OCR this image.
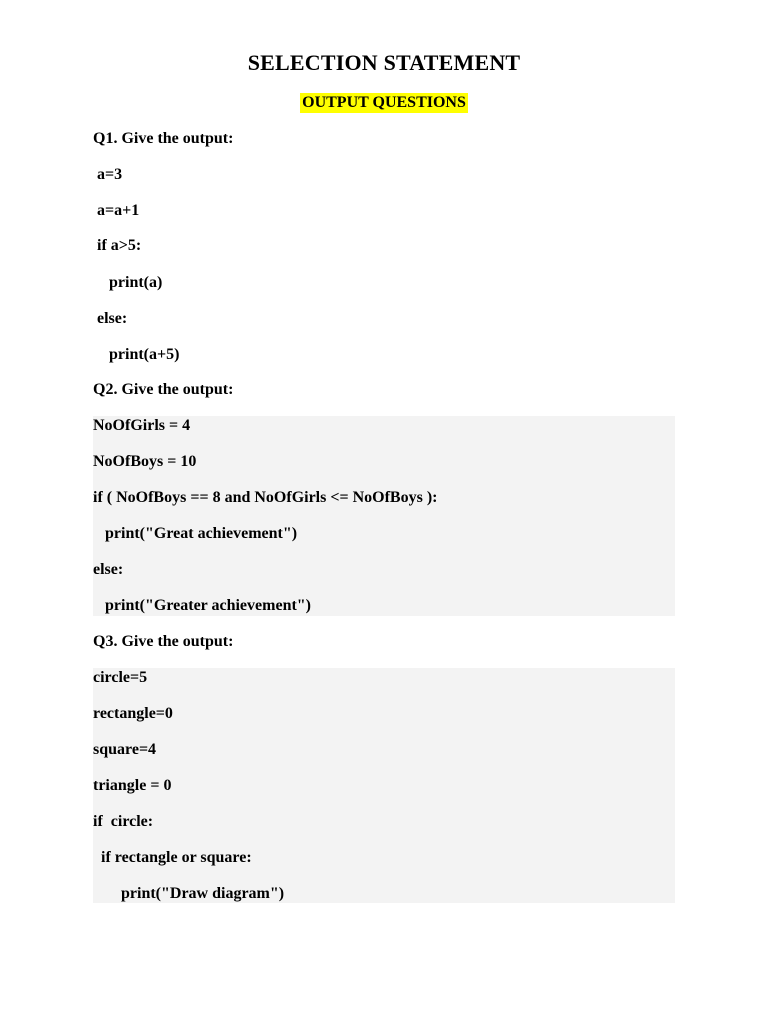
SELECTION STATEMENT
OUTPUT QUESTIONS
Q1. Give the output:
a=3
a=a+1
if a>5:
print(a)
else:
print(a+5)
Q2. Give the output:
NoOfGirls = 4
NoOfBoys = 10
if ( NoOfBoys == 8 and NoOfGirls <= NoOfBoys ):
print("Great achievement")
else:
print("Greater achievement")
Q3. Give the output:
circle=5
rectangle=0
square=4
triangle = 0
if  circle:
if rectangle or square:
print("Draw diagram")
